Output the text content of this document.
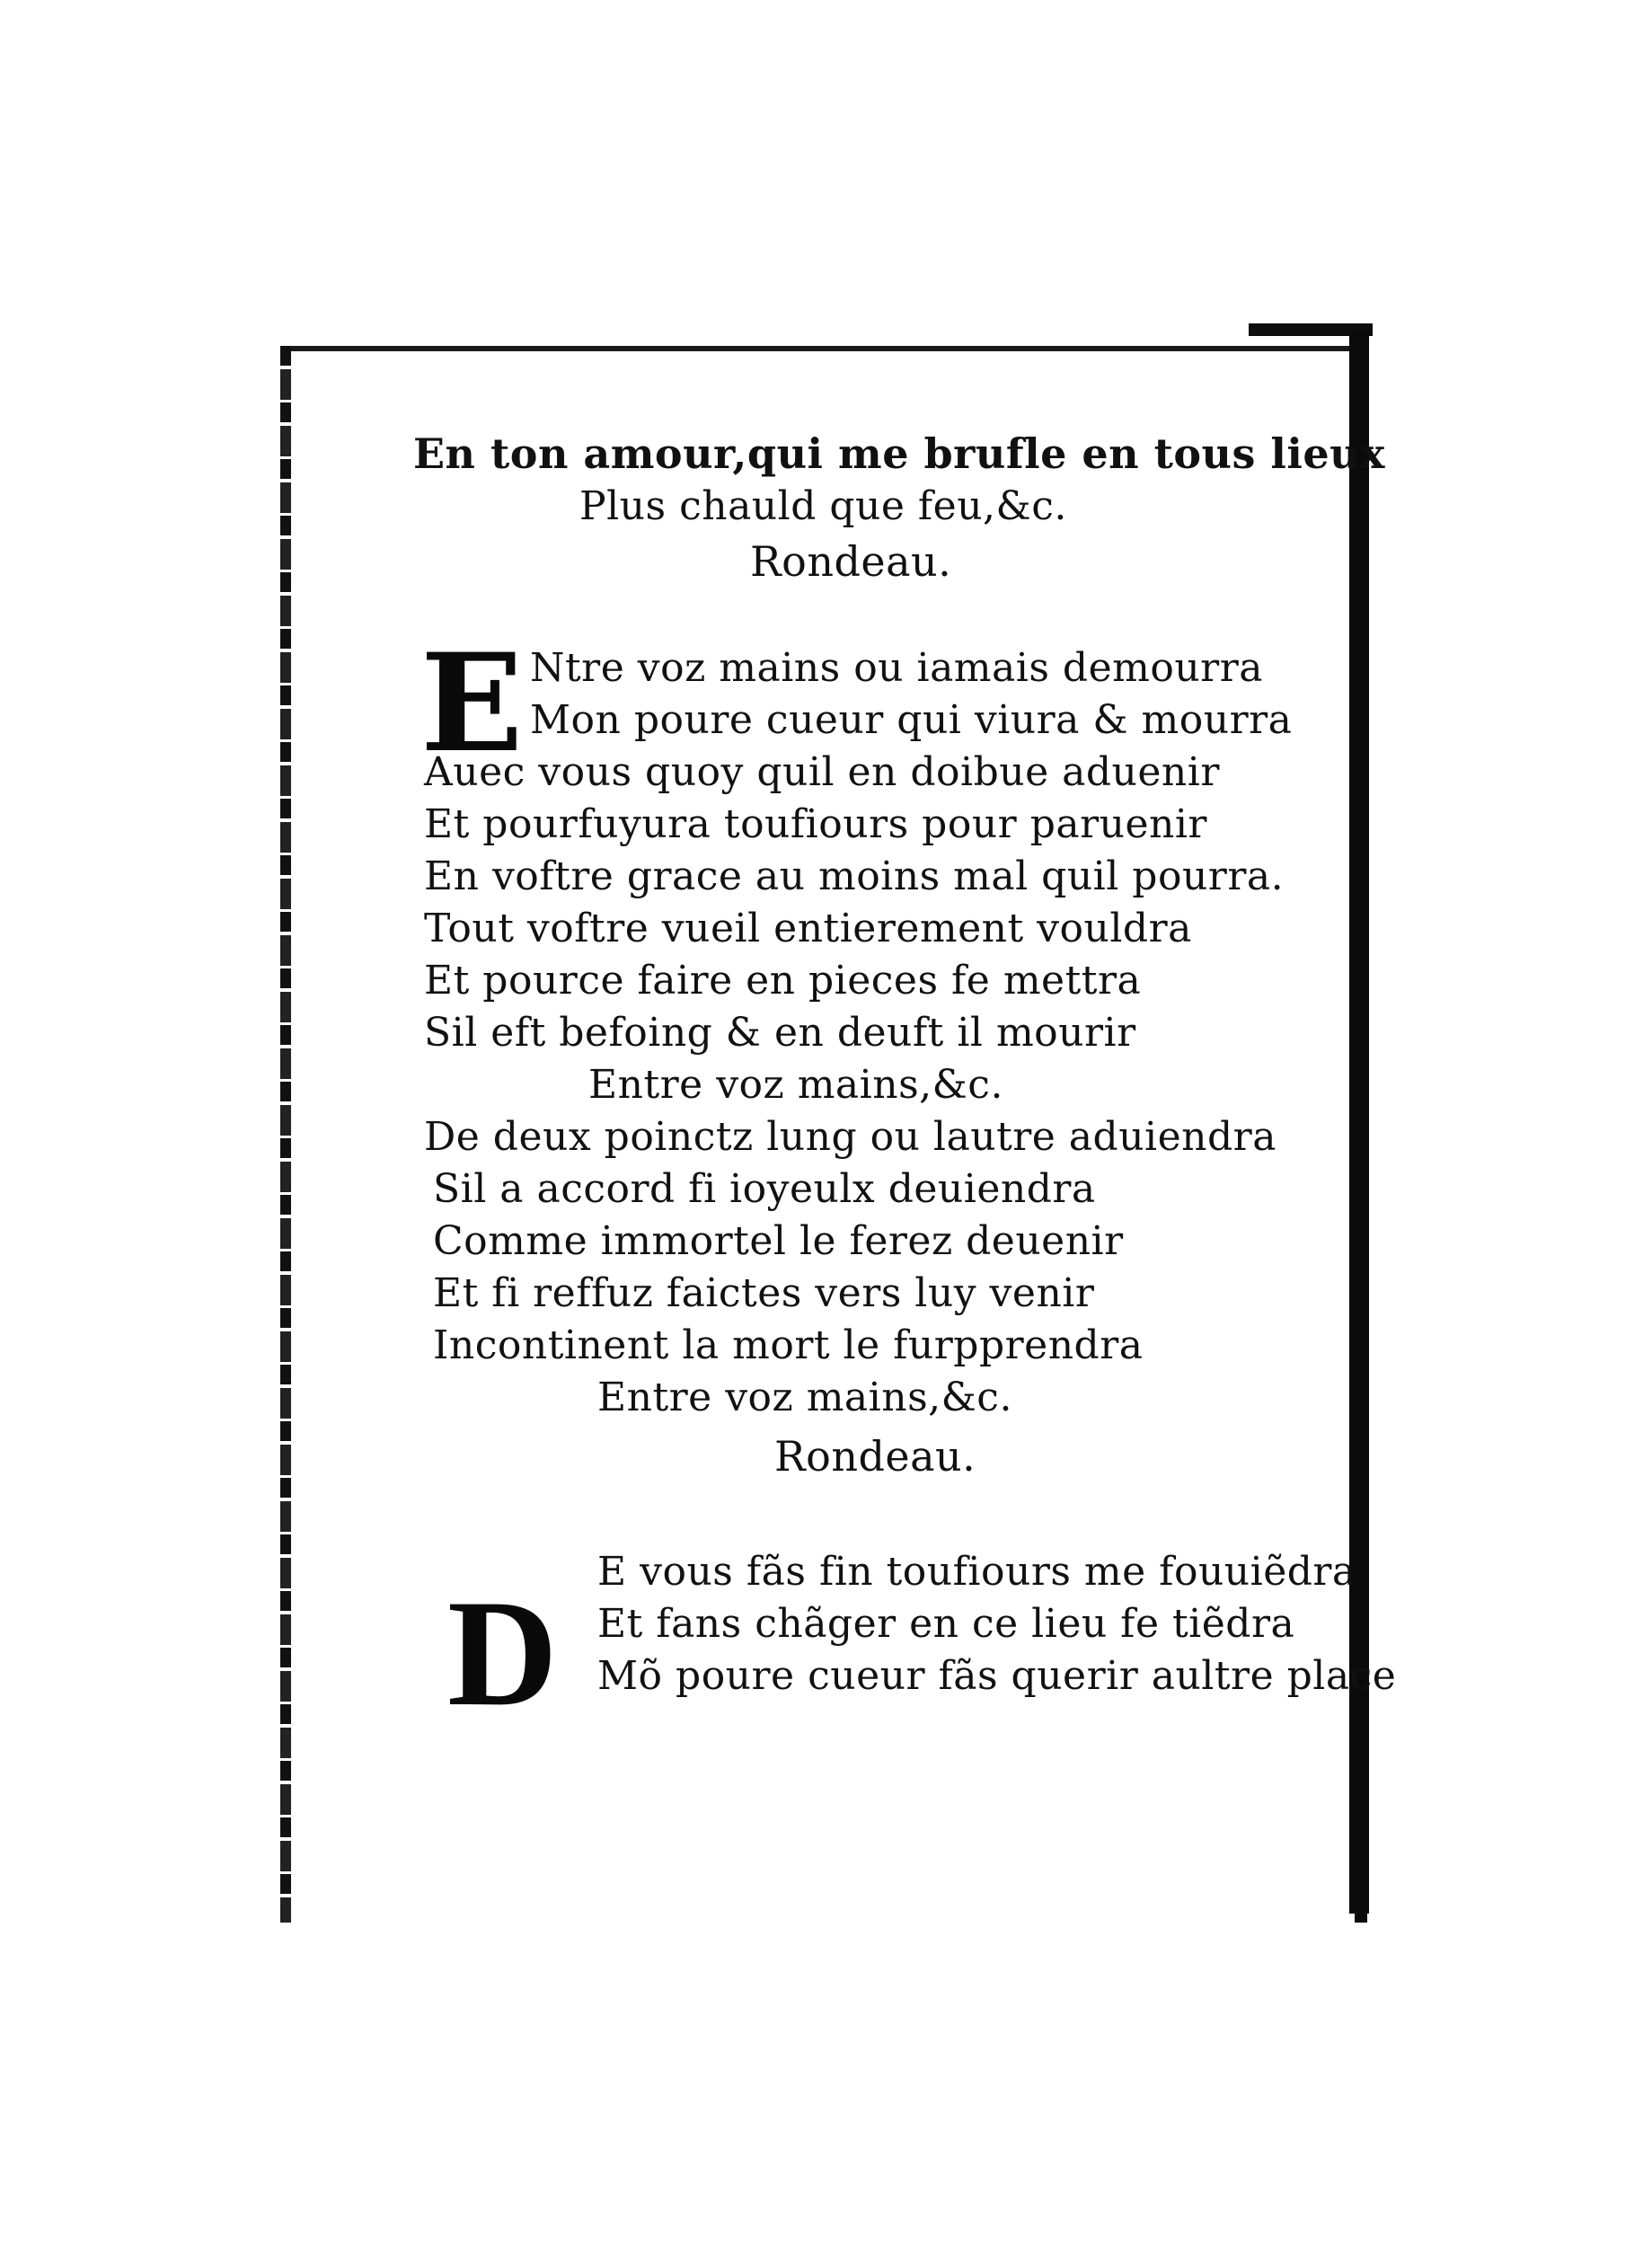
En ton amour,qui me brufle en tous lieux
Plus chauld que feu,&c.
Rondeau.
E Ntre voz mains ou iamais demourra
Mon poure cueur qui viura & mourra
Auec vous quoy quil en doibue aduenir
Et pourfuyura toufiours pour paruenir
En voftre grace au moins mal quil pourra.
Tout voftre vueil entierement vouldra
Et pource faire en pieces fe mettra
Sil eft befoing & en deuft il mourir
Entre voz mains,&c.
De deux poinctz lung ou lautre aduiendra
Sil a accord fi ioyeulx deuiendra
Comme immortel le ferez deuenir
Et fi reffuz faictes vers luy venir
Incontinent la mort le furpprendra
Entre voz mains,&c.
Rondeau.
D E vous fãs fin toufiours me fouuiẽdra
Et fans chãger en ce lieu fe tiẽdra
Mõ poure cueur fãs querir aultre place
